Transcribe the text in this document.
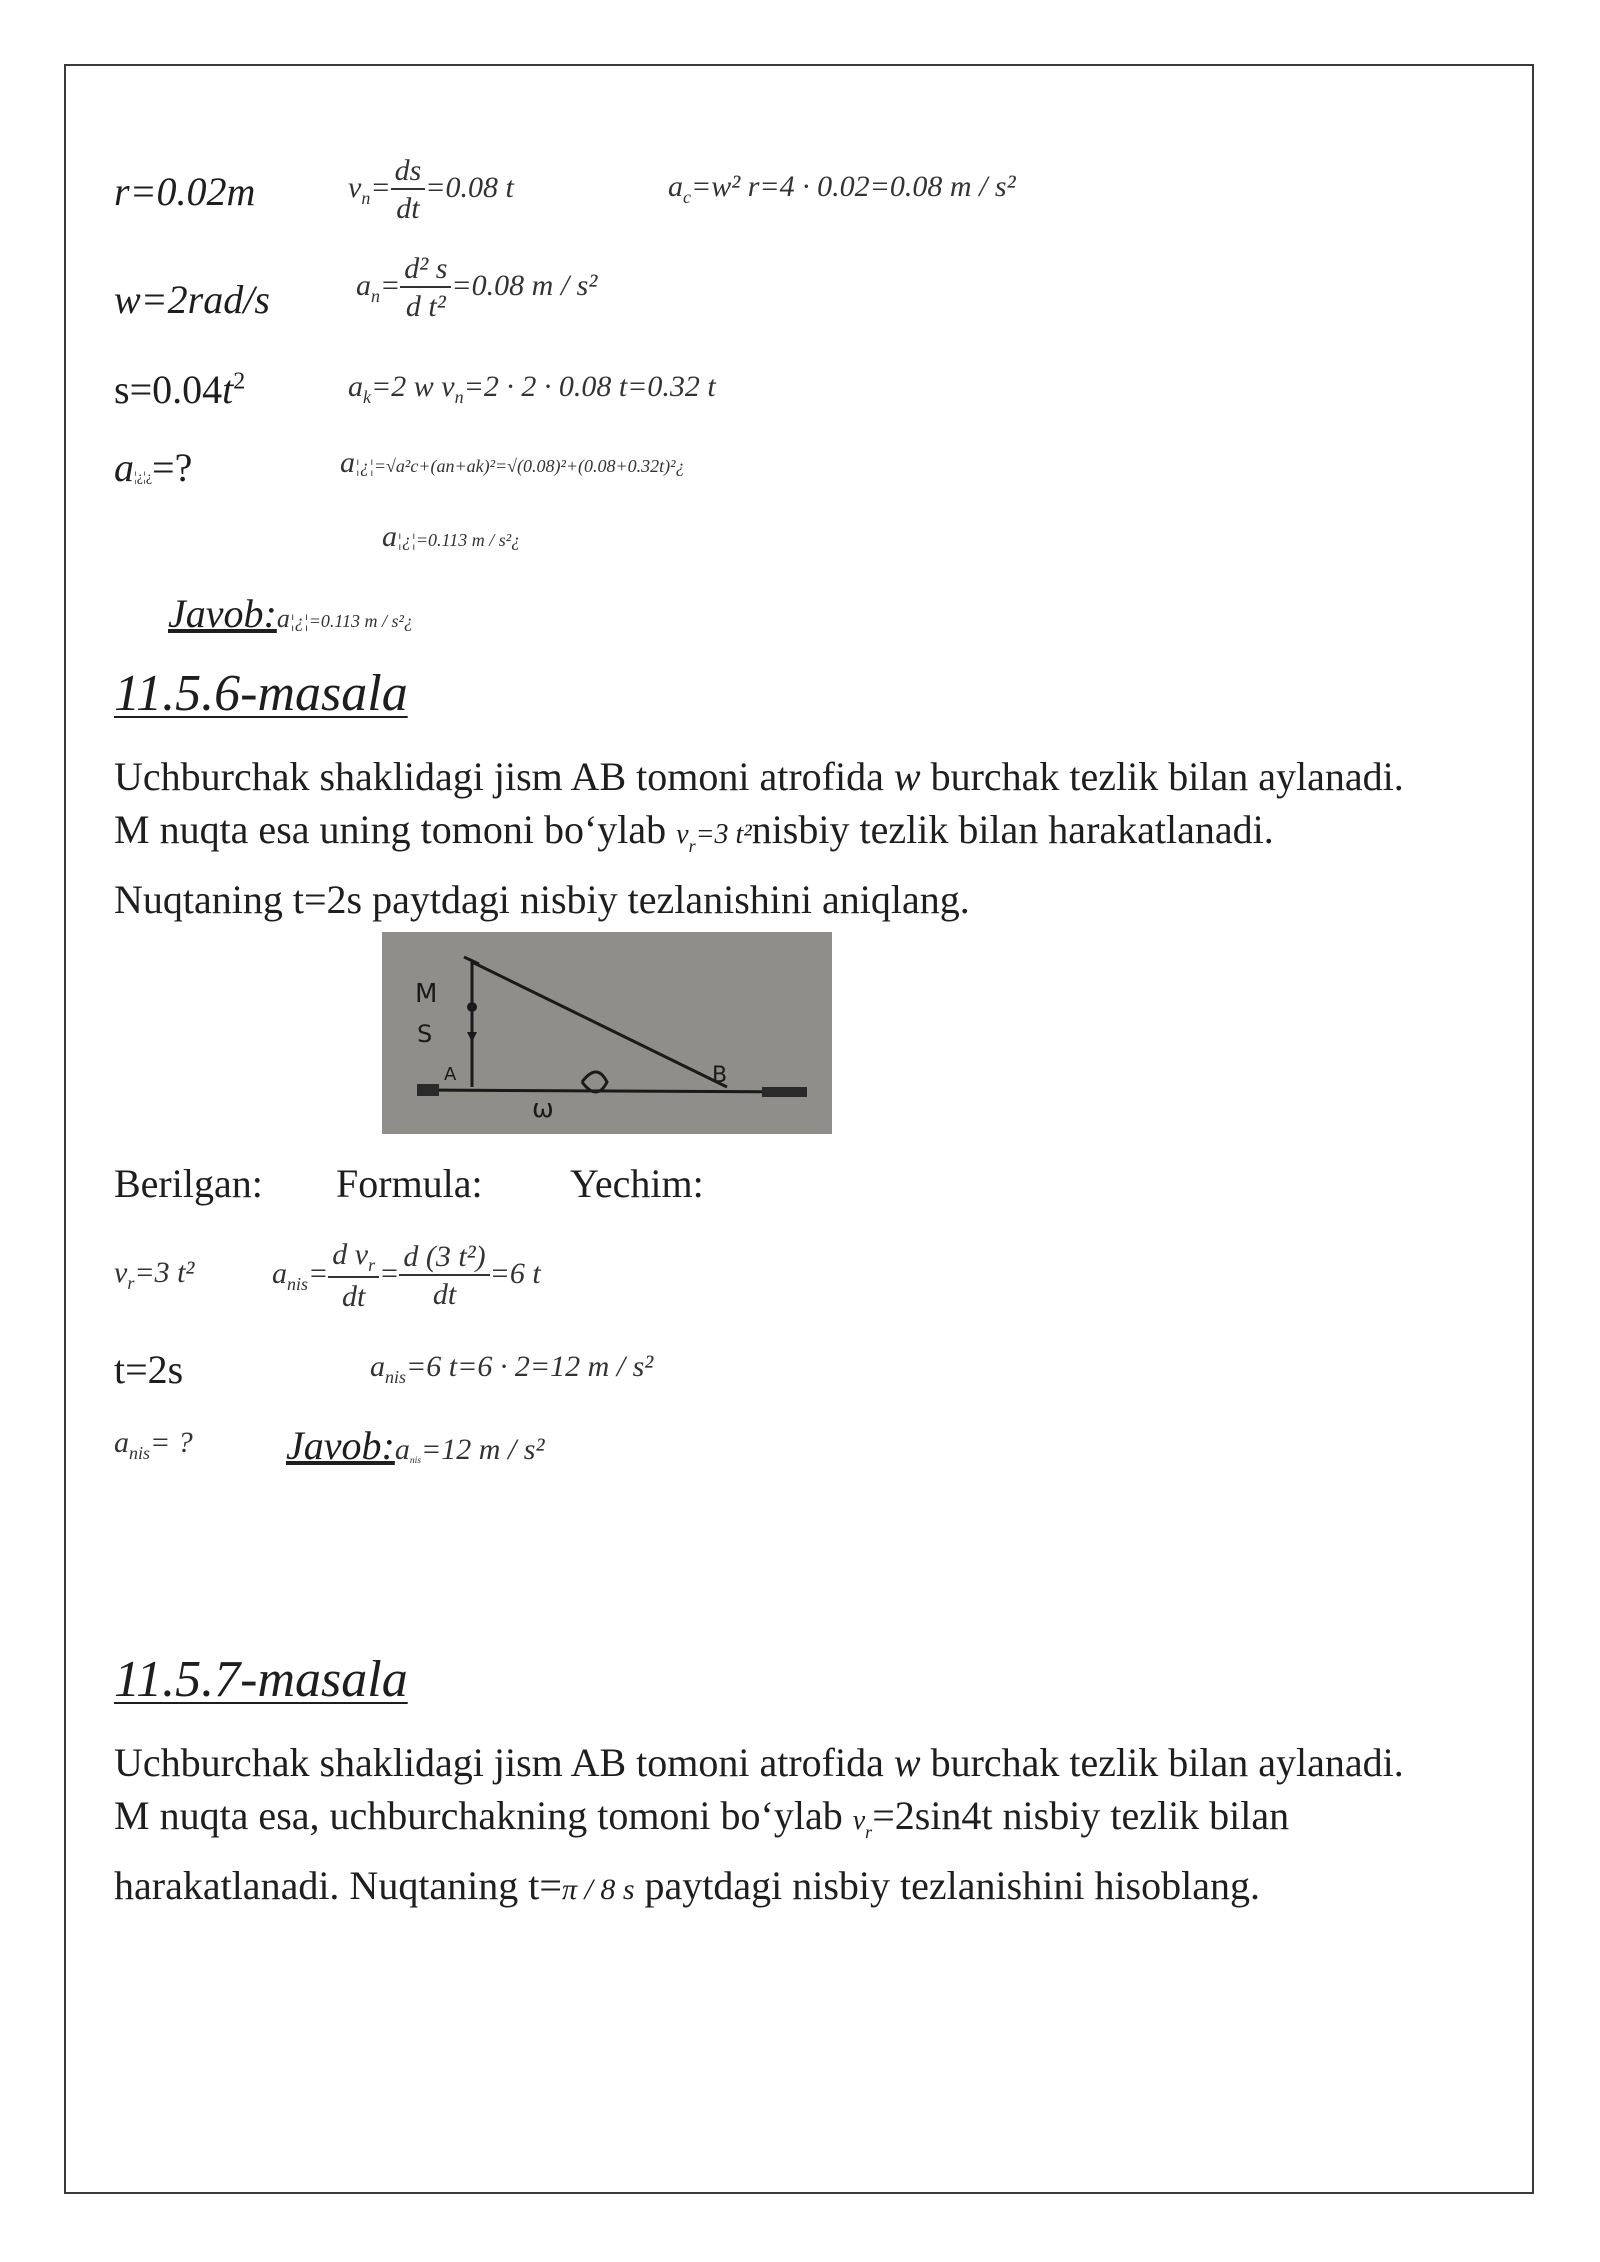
r=0.02m
w=2rad/s
$s=0.04t^2$
a¦¿¦¿=?
$v_n= \frac{ds}{dt} =0.08$ t	$a_c=w^2$ r=4 · 0.02=0.08 m / s²
$a_n= \frac{\text{d² s}}{\text{d t²}} =0.08$ m / s²
$a_k=2$ w $v_n=2 \cdot 2 \cdot 0.08$ t=0.32 t
a¦¿¦=√a²c+(an+ak)²=√(0.08)²+(0.08+0.32t)²¿
a¦¿¦=0.113 m / s²¿
Javob:a¦¿¦=0.113 m / s²¿
11.5.6-masala
Uchburchak shaklidagi jism AB tomoni atrofida w burchak tezlik bilan aylanadi. M nuqta esa uning tomoni bo‘ylab $v_r=3$ t²nisbiy tezlik bilan harakatlanadi. Nuqtaning t=2s paytdagi nisbiy tezlanishini aniqlang.
M
S
A	B
ω
Berilgan: Formula: Yechim:
$v_r=3$ t²	$a_{nis}= \frac{d v_r}{dt} = \frac{\text{d (3 t²)}}{dt} =6$ t
t=2s	$a_{nis}=6$ t=6 · 2=12 m / s²
$a_{nis}=$ ? $Javob:a_{nis}=12$ m / s²
11.5.7-masala
Uchburchak shaklidagi jism AB tomoni atrofida w burchak tezlik bilan aylanadi. M nuqta esa, uchburchakning tomoni bo‘ylab $v_r=2\sin 4t$ nisbiy tezlik bilan harakatlanadi. Nuqtaning t=π / 8 s paytdagi nisbiy tezlanishini hisoblang.
